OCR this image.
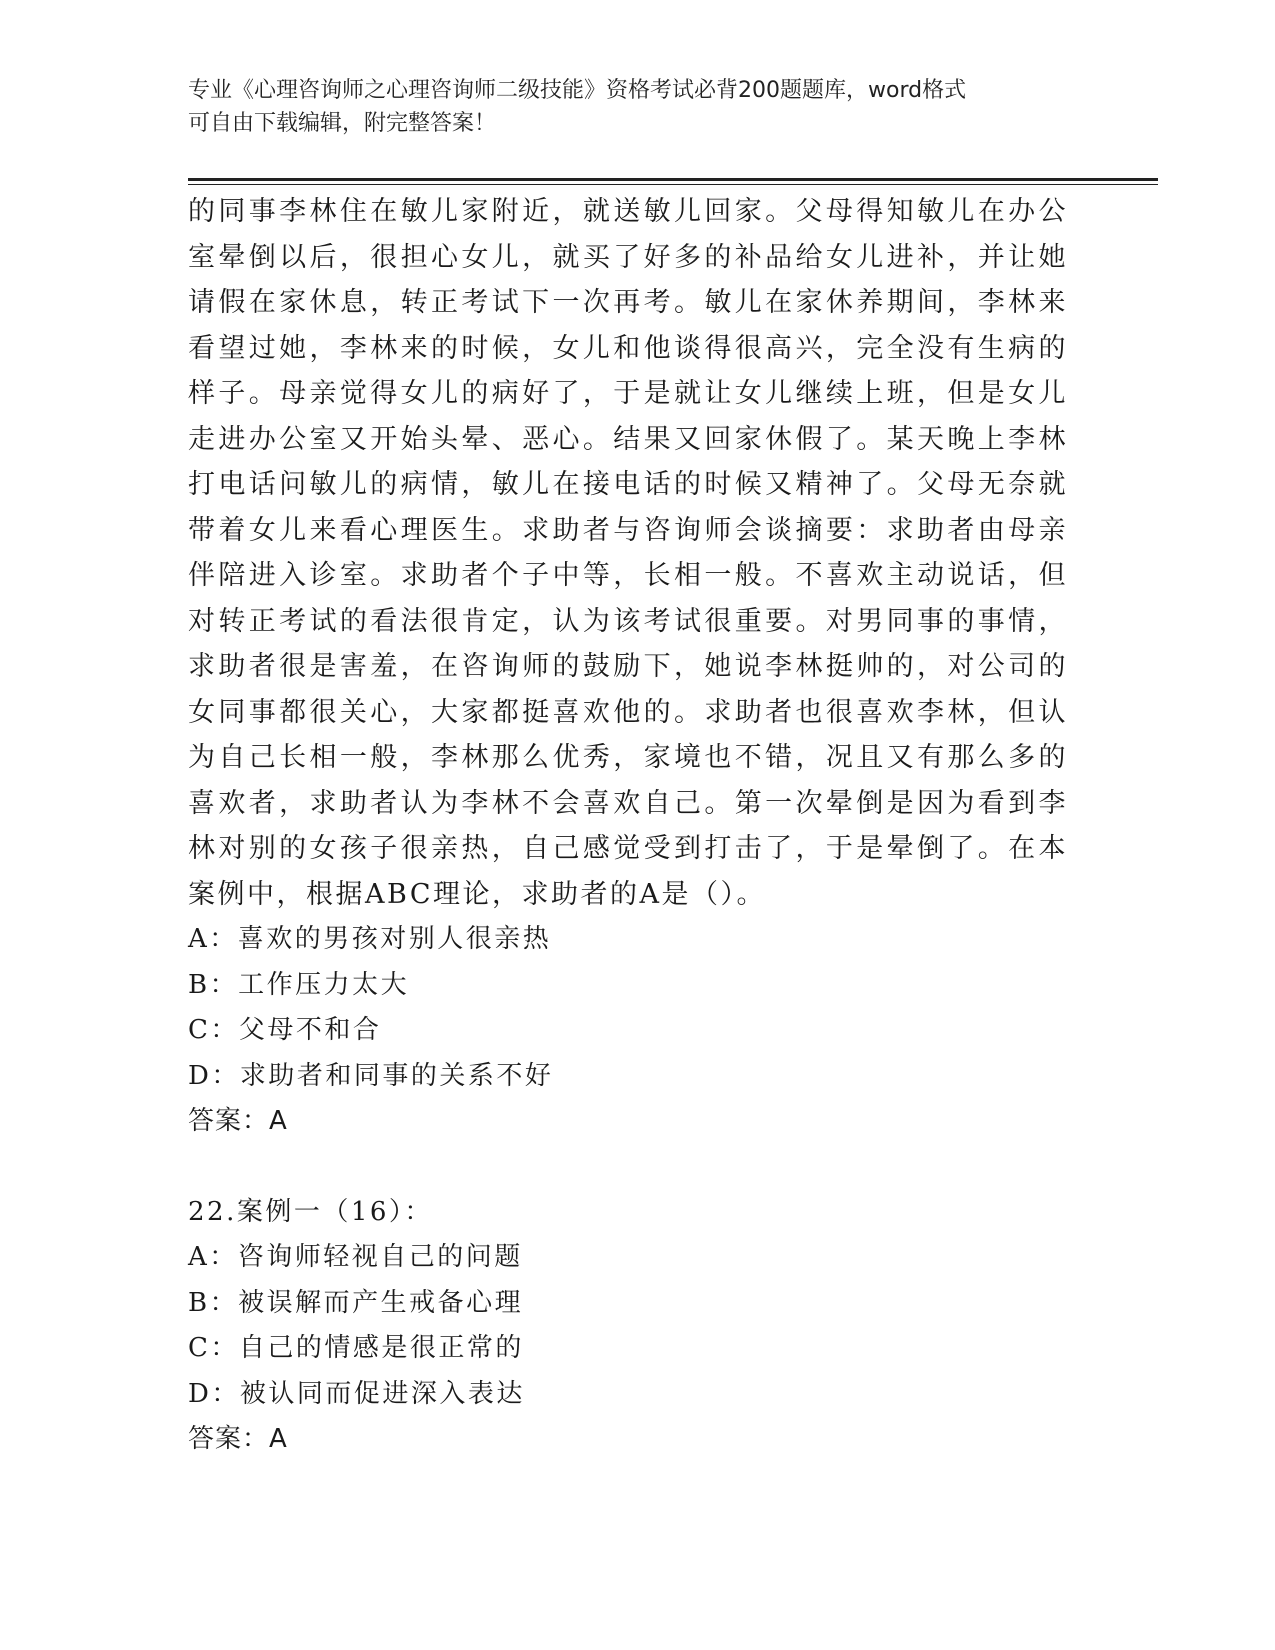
专业《心理咨询师之心理咨询师二级技能》资格考试必背200题题库，word格式
可自由下载编辑，附完整答案！

的同事李林住在敏儿家附近，就送敏儿回家。父母得知敏儿在办公室晕倒以后，很担心女儿，就买了好多的补品给女儿进补，并让她请假在家休息，转正考试下一次再考。敏儿在家休养期间，李林来看望过她，李林来的时候，女儿和他谈得很高兴，完全没有生病的样子。母亲觉得女儿的病好了，于是就让女儿继续上班，但是女儿走进办公室又开始头晕、恶心。结果又回家休假了。某天晚上李林打电话问敏儿的病情，敏儿在接电话的时候又精神了。父母无奈就带着女儿来看心理医生。求助者与咨询师会谈摘要：求助者由母亲伴陪进入诊室。求助者个子中等，长相一般。不喜欢主动说话，但对转正考试的看法很肯定，认为该考试很重要。对男同事的事情，求助者很是害羞，在咨询师的鼓励下，她说李林挺帅的，对公司的女同事都很关心，大家都挺喜欢他的。求助者也很喜欢李林，但认为自己长相一般，李林那么优秀，家境也不错，况且又有那么多的喜欢者，求助者认为李林不会喜欢自己。第一次晕倒是因为看到李林对别的女孩子很亲热，自己感觉受到打击了，于是晕倒了。在本案例中，根据ABC理论，求助者的A是（）。

A：喜欢的男孩对别人很亲热

B：工作压力太大

C：父母不和合

D：求助者和同事的关系不好

答案：A

22.案例一（16）：

A：咨询师轻视自己的问题

B：被误解而产生戒备心理

C：自己的情感是很正常的

D：被认同而促进深入表达

答案：A
